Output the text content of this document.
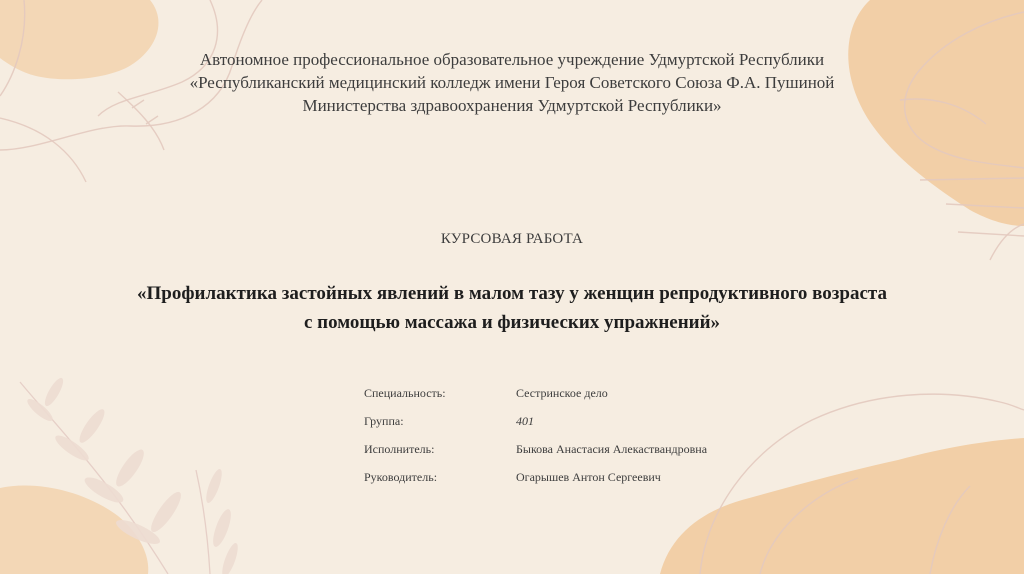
Автономное профессиональное образовательное учреждение Удмуртской Республики
«Республиканский медицинский колледж имени Героя Советского Союза Ф.А. Пушиной
Министерства здравоохранения Удмуртской Республики»
КУРСОВАЯ РАБОТА
«Профилактика застойных явлений в малом тазу у женщин репродуктивного возраста
с помощью массажа и физических упражнений»
Специальность:	Сестринское дело
Группа:	401
Исполнитель:	Быкова Анастасия Алекаствандровна
Руководитель:	Огарышев Антон Сергеевич
